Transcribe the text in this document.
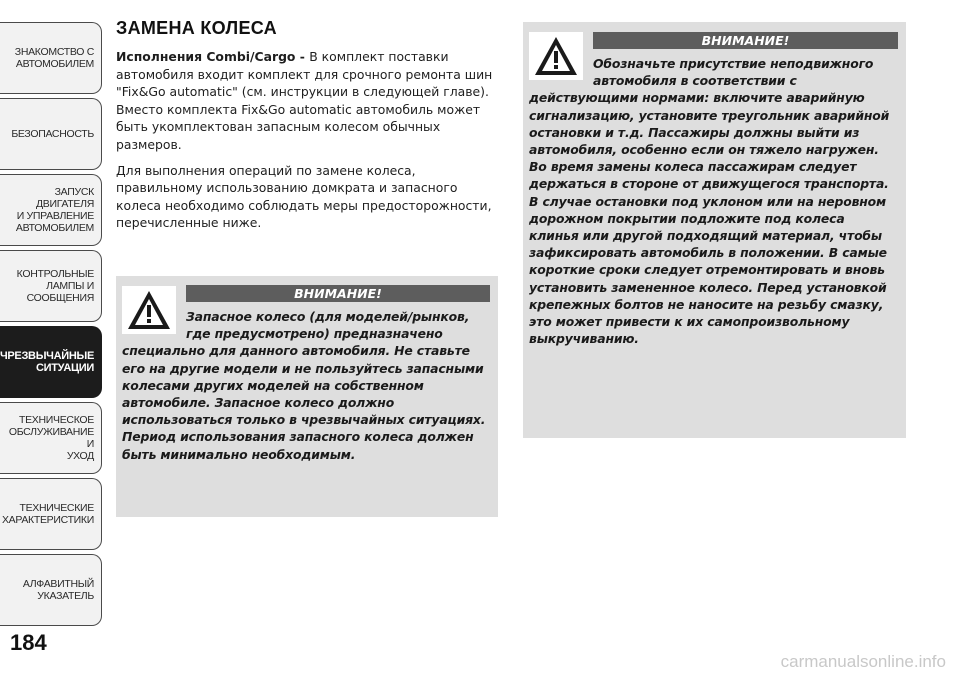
ЗНАКОМСТВО С
АВТОМОБИЛЕМ
БЕЗОПАСНОСТЬ
ЗАПУСК ДВИГАТЕЛЯ
И УПРАВЛЕНИЕ
АВТОМОБИЛЕМ
КОНТРОЛЬНЫЕ
ЛАМПЫ И
СООБЩЕНИЯ
ЧРЕЗВЫЧАЙНЫЕ
СИТУАЦИИ
ТЕХНИЧЕСКОЕ
ОБСЛУЖИВАНИЕ И
УХОД
ТЕХНИЧЕСКИЕ
ХАРАКТЕРИСТИКИ
АЛФАВИТНЫЙ
УКАЗАТЕЛЬ
184
ЗАМЕНА КОЛЕСА

Исполнения Combi/Cargo - В комплект поставки автомобиля входит комплект для срочного ремонта шин "Fix&Go automatic" (см. инструкции в следующей главе). Вместо комплекта Fix&Go automatic автомобиль может быть укомплектован запасным колесом обычных размеров.

Для выполнения операций по замене колеса, правильному использованию домкрата и запасного колеса необходимо соблюдать меры предосторожности, перечисленные ниже.

ВНИМАНИЕ!

Запасное колесо (для моделей/рынков, где предусмотрено) предназначено специально для данного автомобиля. Не ставьте его на другие модели и не пользуйтесь запасными колесами других моделей на собственном автомобиле. Запасное колесо должно использоваться только в чрезвычайных ситуациях. Период использования запасного колеса должен быть минимально необходимым.

ВНИМАНИЕ!

Обозначьте присутствие неподвижного автомобиля в соответствии с действующими нормами: включите аварийную сигнализацию, установите треугольник аварийной остановки и т.д. Пассажиры должны выйти из автомобиля, особенно если он тяжело нагружен. Во время замены колеса пассажирам следует держаться в стороне от движущегося транспорта. В случае остановки под уклоном или на неровном дорожном покрытии подложите под колеса клинья или другой подходящий материал, чтобы зафиксировать автомобиль в положении. В самые короткие сроки следует отремонтировать и вновь установить замененное колесо. Перед установкой крепежных болтов не наносите на резьбу смазку, это может привести к их самопроизвольному выкручиванию.

carmanualsonline.info
